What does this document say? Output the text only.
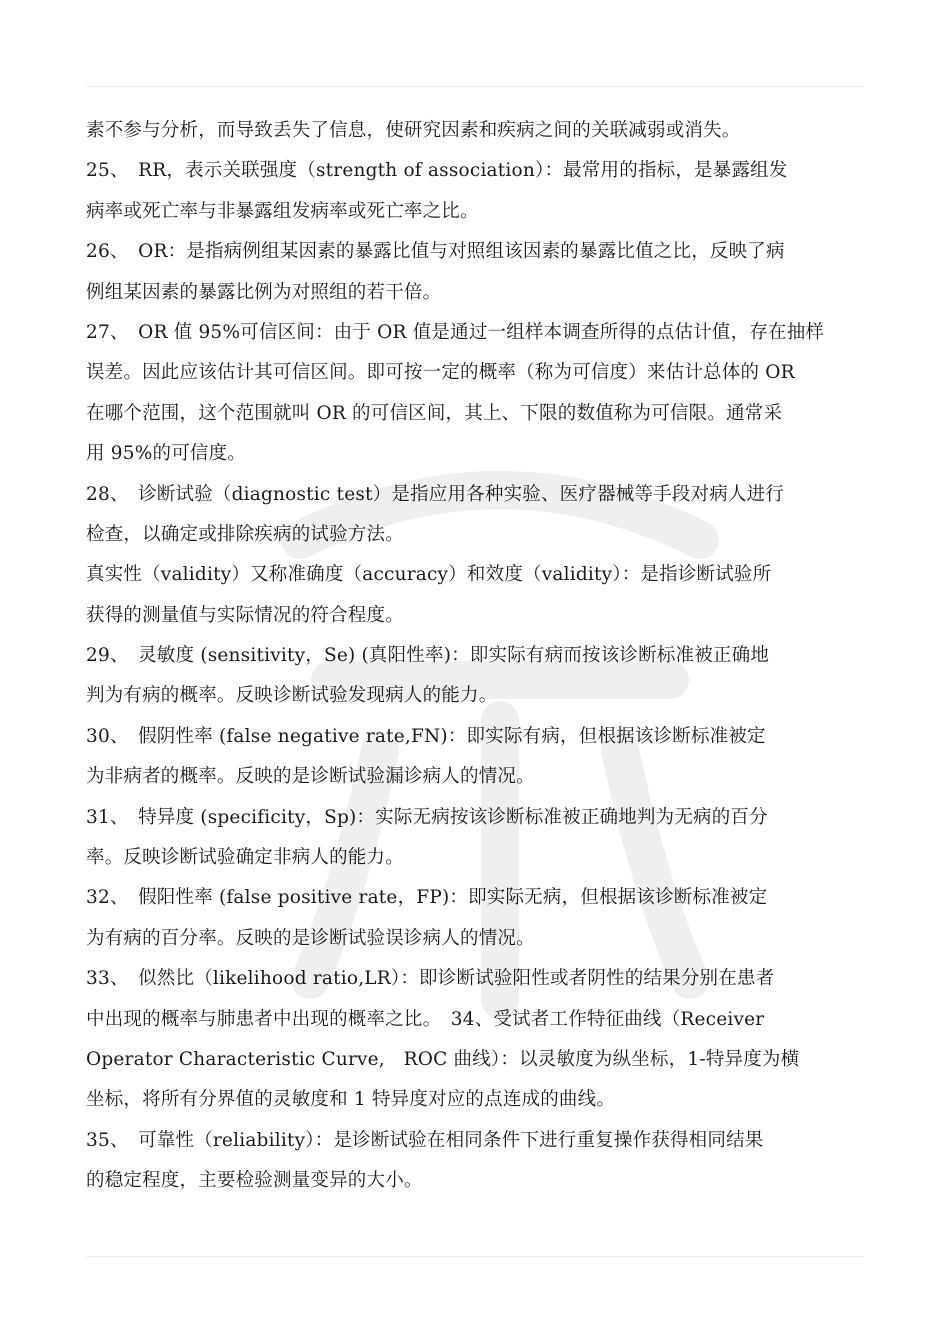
素不参与分析，而导致丢失了信息，使研究因素和疾病之间的关联减弱或消失。
25、　RR，表示关联强度（strength of association）：最常用的指标，是暴露组发
病率或死亡率与非暴露组发病率或死亡率之比。
26、　OR：是指病例组某因素的暴露比值与对照组该因素的暴露比值之比，反映了病
例组某因素的暴露比例为对照组的若干倍。
27、　OR 值 95%可信区间：由于 OR 值是通过一组样本调查所得的点估计值，存在抽样
误差。因此应该估计其可信区间。即可按一定的概率（称为可信度）来估计总体的 OR
在哪个范围，这个范围就叫 OR 的可信区间，其上、下限的数值称为可信限。通常采
用 95%的可信度。
28、　诊断试验（diagnostic test）是指应用各种实验、医疗器械等手段对病人进行
检查，以确定或排除疾病的试验方法。
真实性（validity）又称准确度（accuracy）和效度（validity）：是指诊断试验所
获得的测量值与实际情况的符合程度。
29、　灵敏度 (sensitivity，Se) (真阳性率)：即实际有病而按该诊断标准被正确地
判为有病的概率。反映诊断试验发现病人的能力。
30、　假阴性率 (false negative rate,FN)：即实际有病，但根据该诊断标准被定
为非病者的概率。反映的是诊断试验漏诊病人的情况。
31、　特异度 (specificity，Sp)：实际无病按该诊断标准被正确地判为无病的百分
率。反映诊断试验确定非病人的能力。
32、　假阳性率 (false positive rate，FP)：即实际无病，但根据该诊断标准被定
为有病的百分率。反映的是诊断试验误诊病人的情况。
33、　似然比（likelihood ratio,LR）：即诊断试验阳性或者阴性的结果分别在患者
中出现的概率与肺患者中出现的概率之比。　34、受试者工作特征曲线（Receiver
Operator Characteristic Curve,　ROC 曲线）：以灵敏度为纵坐标，1-特异度为横
坐标，将所有分界值的灵敏度和 1 特异度对应的点连成的曲线。
35、　可靠性（reliability）：是诊断试验在相同条件下进行重复操作获得相同结果
的稳定程度，主要检验测量变异的大小。
